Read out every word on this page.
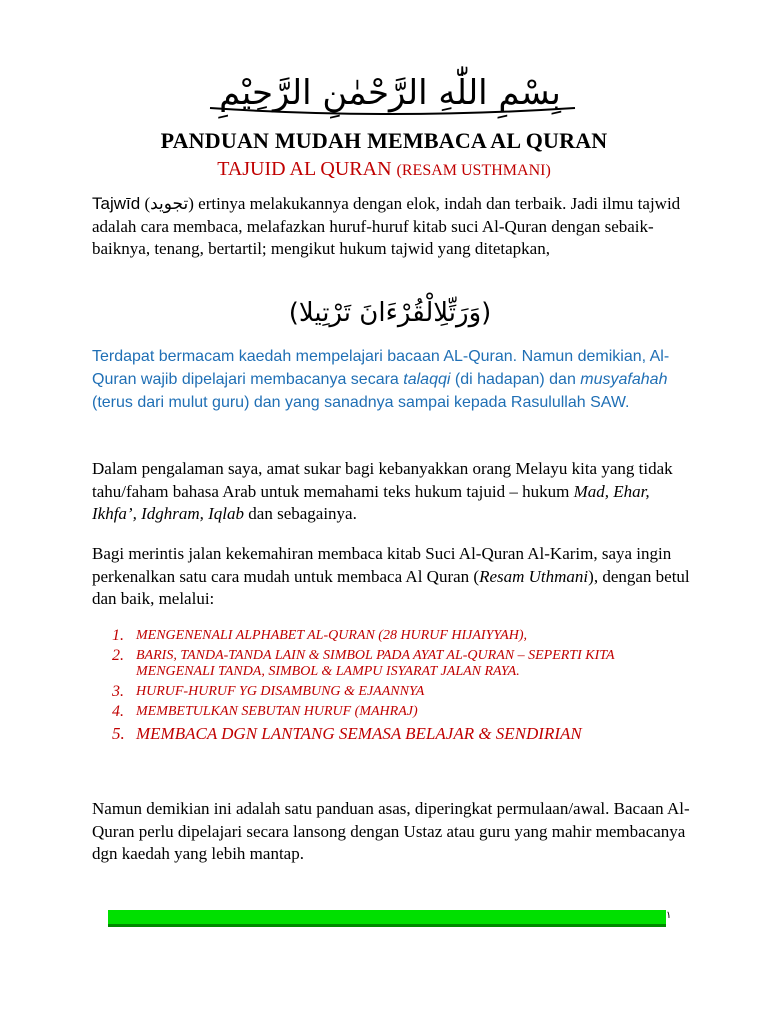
بِسْمِ اللّٰهِ الرَّحْمٰنِ الرَّحِيْمِ
PANDUAN MUDAH MEMBACA AL QURAN
TAJUID AL QURAN (RESAM USTHMANI)
Tajwīd (تجويد) ertinya melakukannya dengan elok, indah dan terbaik. Jadi ilmu tajwid adalah cara membaca, melafazkan huruf-huruf kitab suci Al-Quran dengan sebaik-baiknya, tenang, bertartil; mengikut hukum tajwid yang ditetapkan,
(وَرَتِّلِالْقُرْءَانَ تَرْتِيلا)
Terdapat bermacam kaedah mempelajari bacaan AL-Quran. Namun demikian, Al-Quran wajib dipelajari membacanya secara talaqqi (di hadapan) dan musyafahah (terus dari mulut guru) dan yang sanadnya sampai kepada Rasulullah SAW.
Dalam pengalaman saya, amat sukar bagi kebanyakkan orang Melayu kita yang tidak tahu/faham bahasa Arab untuk memahami teks hukum tajuid – hukum Mad, Ehar, Ikhfa’, Idghram, Iqlab dan sebagainya.
Bagi merintis jalan kekemahiran membaca kitab Suci Al-Quran Al-Karim, saya ingin perkenalkan satu cara mudah untuk membaca Al Quran (Resam Uthmani), dengan betul dan baik, melalui:
1. MENGENENALI ALPHABET AL-QURAN (28 HURUF HIJAIYYAH),
2. BARIS, TANDA-TANDA LAIN & SIMBOL PADA AYAT AL-QURAN – SEPERTI KITA MENGENALI TANDA, SIMBOL & LAMPU ISYARAT JALAN RAYA.
3. HURUF-HURUF YG DISAMBUNG & EJAANNYA
4. MEMBETULKAN SEBUTAN HURUF (MAHRAJ)
5. MEMBACA DGN LANTANG SEMASA BELAJAR & SENDIRIAN
Namun demikian ini adalah satu panduan asas, diperingkat permulaan/awal. Bacaan Al-Quran perlu dipelajari secara lansong dengan Ustaz atau guru yang mahir membacanya dgn kaedah yang lebih mantap.
١
